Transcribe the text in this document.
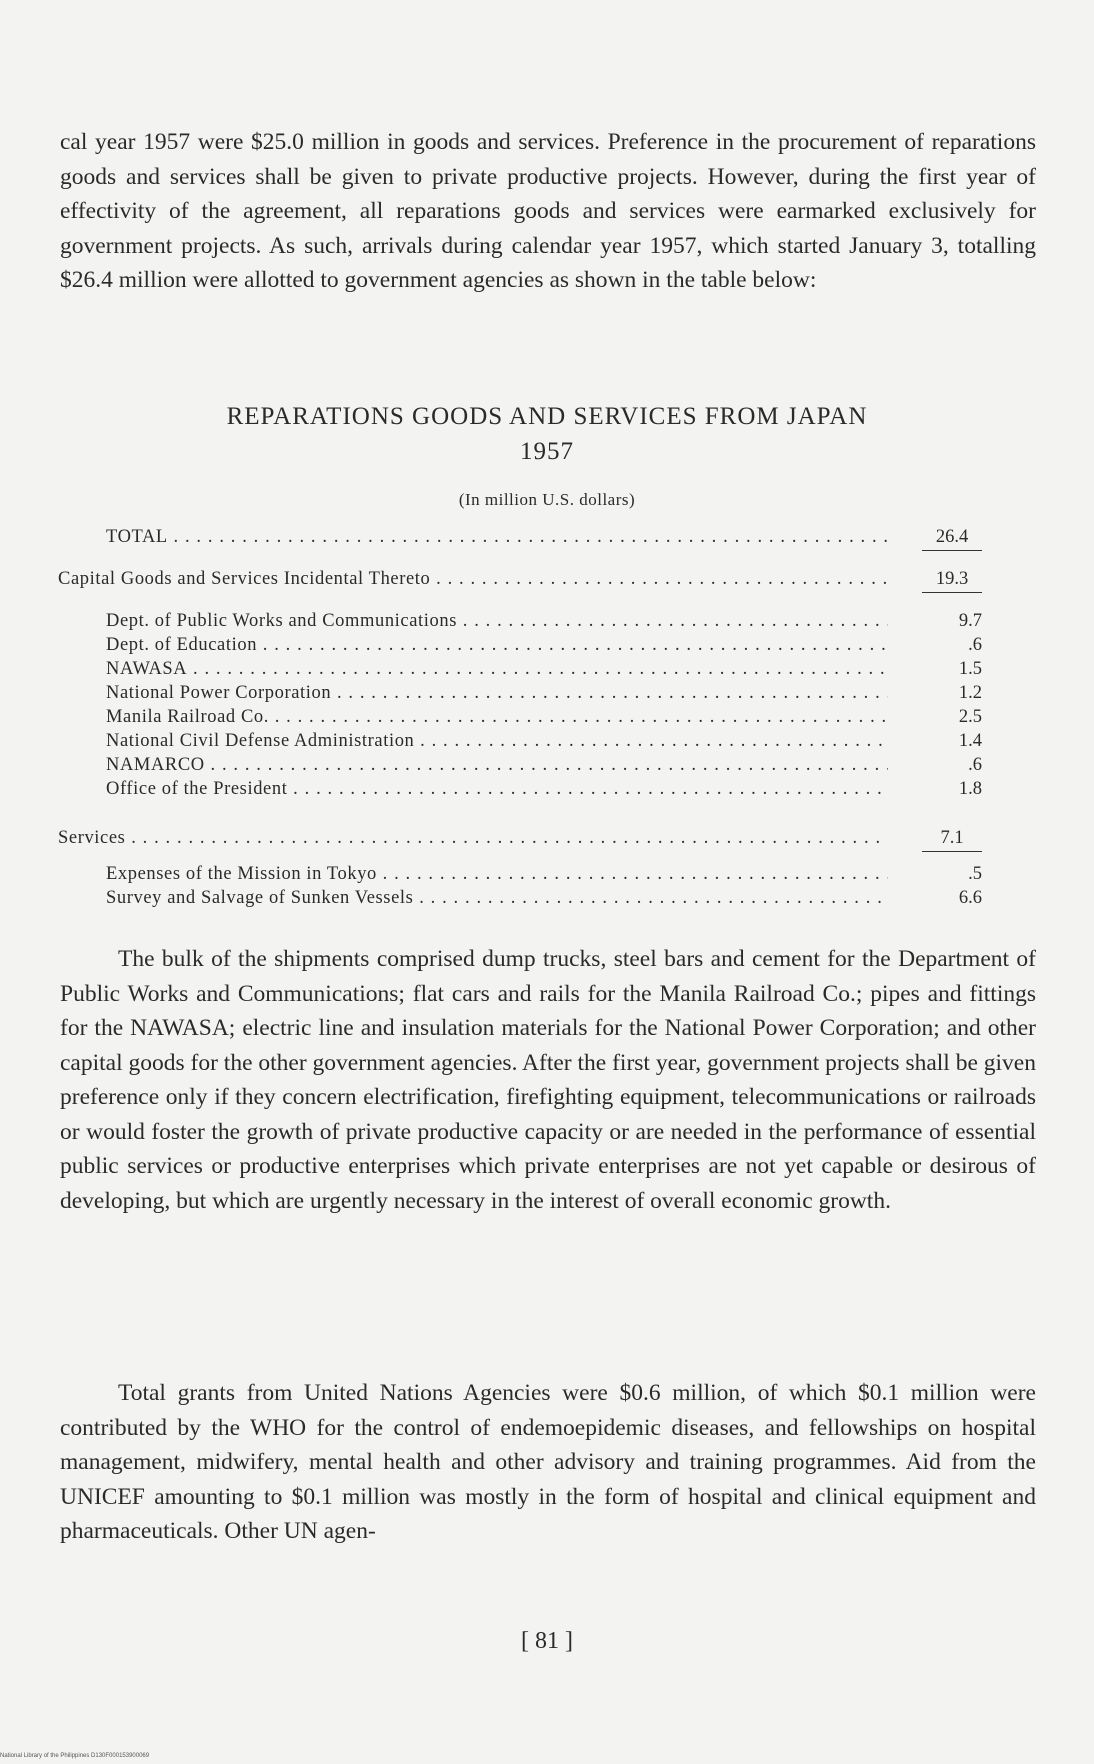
cal year 1957 were $25.0 million in goods and services. Preference in the procurement of reparations goods and services shall be given to private productive projects. However, during the first year of effectivity of the agreement, all reparations goods and services were earmarked exclusively for government projects. As such, arrivals during calendar year 1957, which started January 3, totalling $26.4 million were allotted to government agencies as shown in the table below:

REPARATIONS GOODS AND SERVICES FROM JAPAN
1957
(In million U.S. dollars)
TOTAL . . .	26.4
Capital Goods and Services Incidental Thereto . . .	19.3
Dept. of Public Works and Communications . . .	9.7
Dept. of Education . . .	.6
NAWASA . . .	1.5
National Power Corporation . . .	1.2
Manila Railroad Co. . . .	2.5
National Civil Defense Administration . . .	1.4
NAMARCO . . .	.6
Office of the President . . .	1.8
Services . . .	7.1
Expenses of the Mission in Tokyo . . .	.5
Survey and Salvage of Sunken Vessels . . .	6.6

The bulk of the shipments comprised dump trucks, steel bars and cement for the Department of Public Works and Communications; flat cars and rails for the Manila Railroad Co.; pipes and fittings for the NAWASA; electric line and insulation materials for the National Power Corporation; and other capital goods for the other government agencies. After the first year, government projects shall be given preference only if they concern electrification, firefighting equipment, telecommunications or railroads or would foster the growth of private productive capacity or are needed in the performance of essential public services or productive enterprises which private enterprises are not yet capable or desirous of developing, but which are urgently necessary in the interest of overall economic growth.

Total grants from United Nations Agencies were $0.6 million, of which $0.1 million were contributed by the WHO for the control of endemoepidemic diseases, and fellowships on hospital management, midwifery, mental health and other advisory and training programmes. Aid from the UNICEF amounting to $0.1 million was mostly in the form of hospital and clinical equipment and pharmaceuticals. Other UN agen-

[ 81 ]
National Library of the Philippines D130F000153900069
